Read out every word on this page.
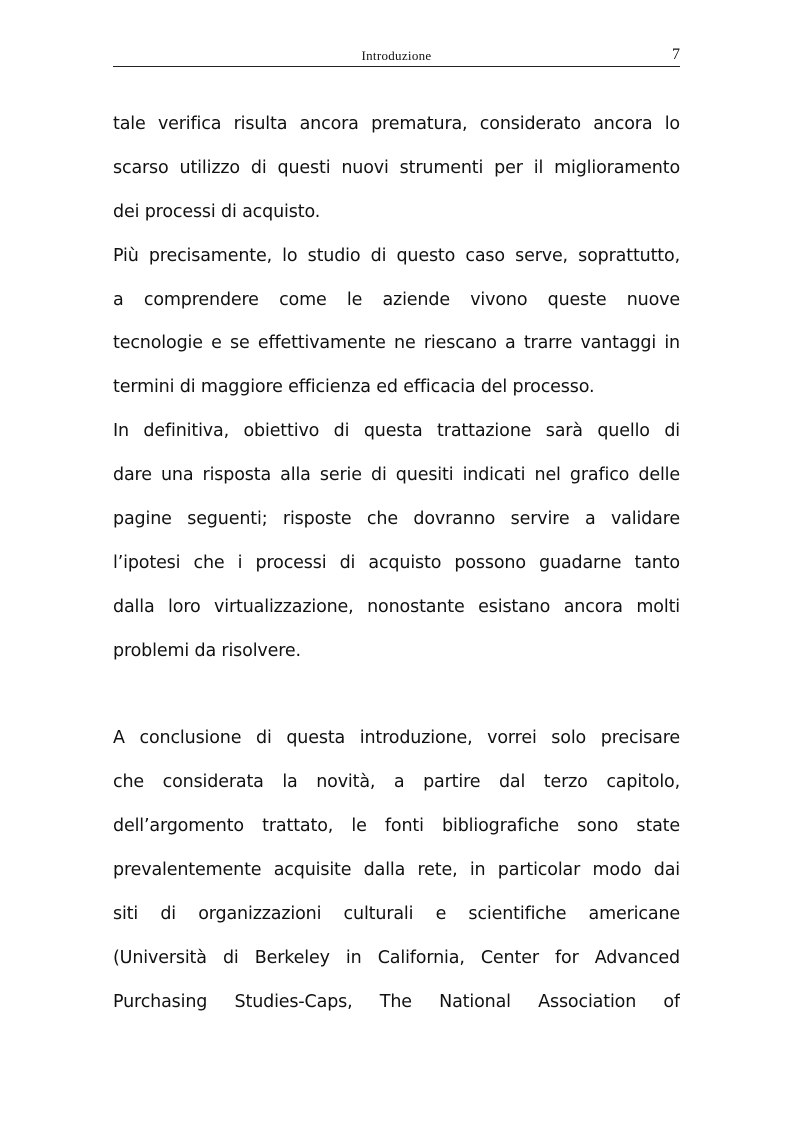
Introduzione	7
tale verifica risulta ancora prematura, considerato ancora lo
scarso utilizzo di questi nuovi strumenti per il miglioramento
dei processi di acquisto.
Più precisamente, lo studio di questo caso serve, soprattutto,
a comprendere come le aziende vivono queste nuove
tecnologie e se effettivamente ne riescano a trarre vantaggi in
termini di maggiore efficienza ed efficacia del processo.
In definitiva, obiettivo di questa trattazione sarà quello di
dare una risposta alla serie di quesiti indicati nel grafico delle
pagine seguenti; risposte che dovranno servire a validare
l’ipotesi che i processi di acquisto possono guadarne tanto
dalla loro virtualizzazione, nonostante esistano ancora molti
problemi da risolvere.
A conclusione di questa introduzione, vorrei solo precisare
che considerata la novità, a partire dal terzo capitolo,
dell’argomento trattato, le fonti bibliografiche sono state
prevalentemente acquisite dalla rete, in particolar modo dai
siti di organizzazioni culturali e scientifiche americane
(Università di Berkeley in California, Center for Advanced
Purchasing Studies-Caps, The National Association of
